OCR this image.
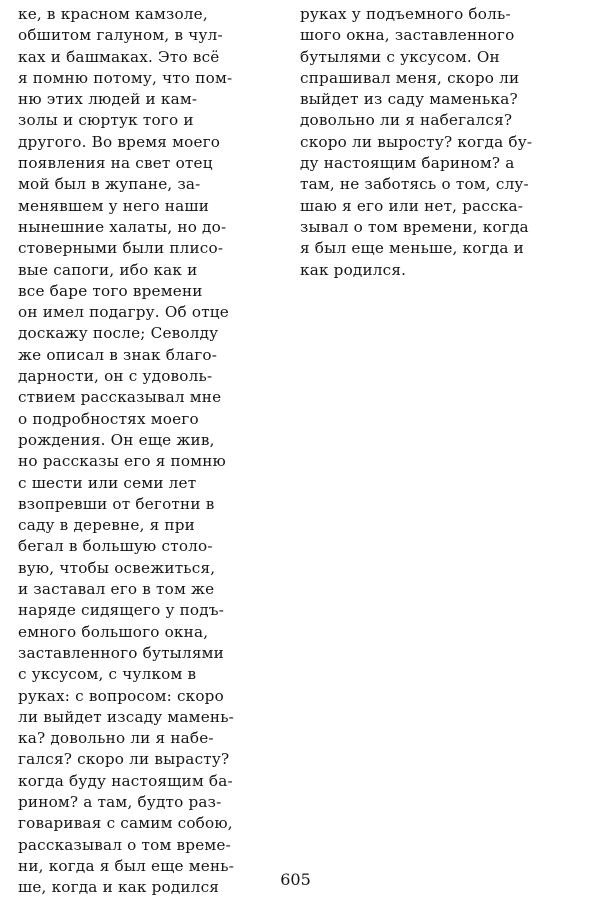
ке, в красном камзоле,
обшитом галуном, в чул-
ках и башмаках. Это всё
я помню потому, что пом-
ню этих людей и кам-
золы и сюртук того и
другого. Во время моего
появления на свет отец
мой был в жупане, за-
менявшем у него наши
нынешние халаты, но до-
стоверными были плисо-
вые сапоги, ибо как и
все баре того времени
он имел подагру. Об отце
доскажу после; Севолду
же описал в знак благо-
дарности, он с удоволь-
ствием рассказывал мне
о подробностях моего
рождения. Он еще жив,
но рассказы его я помню
с шести или семи лет
взопревши от беготни в
саду в деревне, я при
бегал в большую столо-
вую, чтобы освежиться,
и заставал его в том же
наряде сидящего у подъ-
емного большого окна,
заставленного бутылями
с уксусом, с чулком в
руках: с вопросом: скоро
ли выйдет изсаду мамень-
ка? довольно ли я набе-
гался? скоро ли вырасту?
когда буду настоящим ба-
рином? а там, будто раз-
говаривая с самим собою,
рассказывал о том време-
ни, когда я был еще мень-
ше, когда и как родился
руках у подъемного боль-
шого окна, заставленного
бутылями с уксусом. Он
спрашивал меня, скоро ли
выйдет из саду маменька?
довольно ли я набегался?
скоро ли выросту? когда бу-
ду настоящим барином? а
там, не заботясь о том, слу-
шаю я его или нет, расска-
зывал о том времени, когда
я был еще меньше, когда и
как родился.
605
